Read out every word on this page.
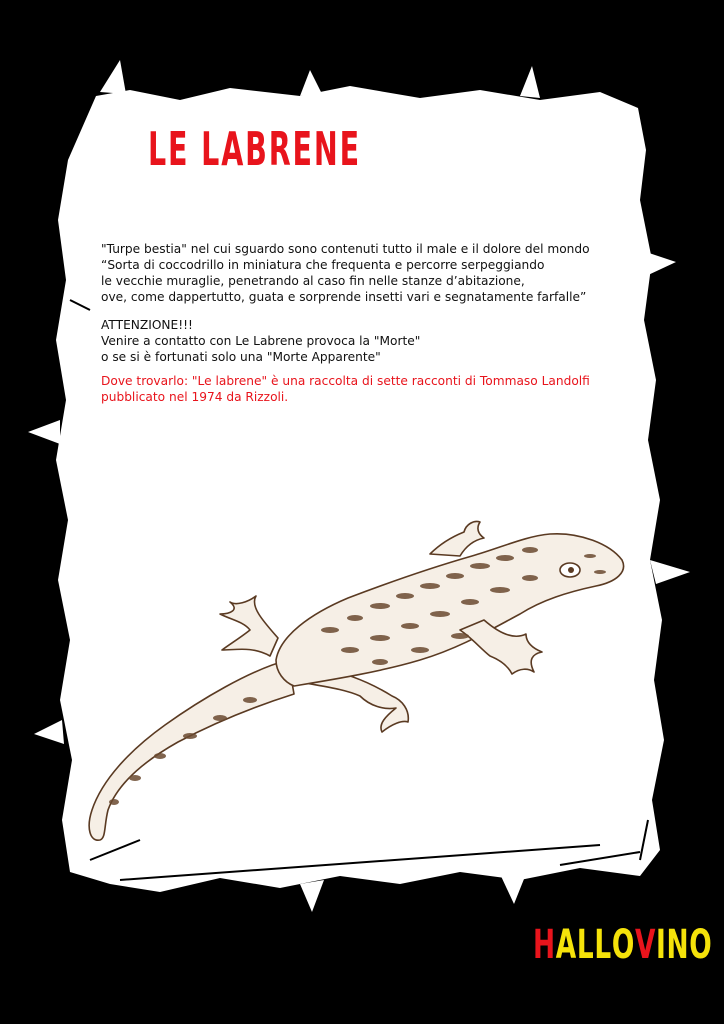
LE LABRENE
"Turpe bestia" nel cui sguardo sono contenuti tutto il male e il dolore del mondo
“Sorta di coccodrillo in miniatura che frequenta e percorre serpeggiando
le vecchie muraglie, penetrando al caso fin nelle stanze d’abitazione,
ove, come dappertutto, guata e sorprende insetti vari e segnatamente farfalle”
ATTENZIONE!!!
Venire a contatto con Le Labrene provoca la "Morte"
o se si è fortunati solo una "Morte Apparente"
Dove trovarlo: "Le labrene" è una raccolta di sette racconti di Tommaso Landolfi
pubblicato nel 1974 da Rizzoli.
HALLOVINO
